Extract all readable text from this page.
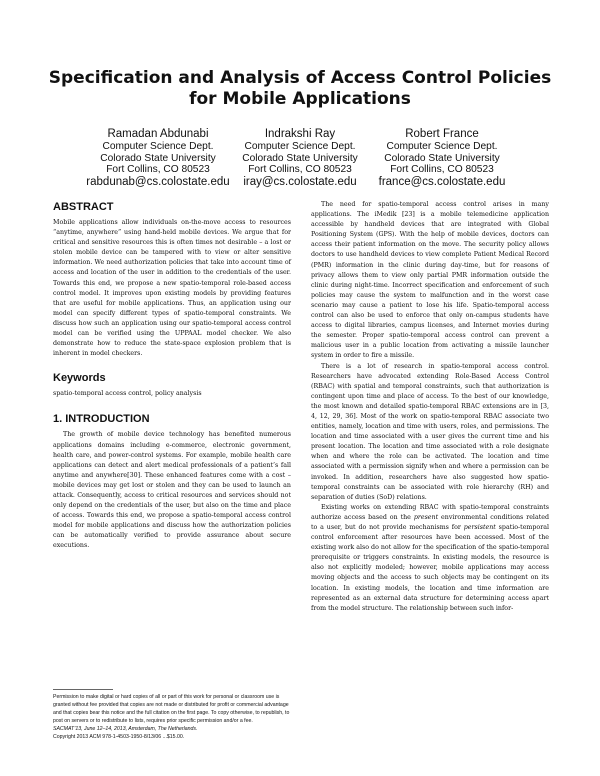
Specification and Analysis of Access Control Policies for Mobile Applications
Ramadan Abdunabi
Computer Science Dept.
Colorado State University
Fort Collins, CO 80523
rabdunab@cs.colostate.edu
Indrakshi Ray
Computer Science Dept.
Colorado State University
Fort Collins, CO 80523
iray@cs.colostate.edu
Robert France
Computer Science Dept.
Colorado State University
Fort Collins, CO 80523
france@cs.colostate.edu
ABSTRACT

Mobile applications allow individuals on-the-move access to resources “anytime, anywhere” using hand-held mobile devices. We argue that for critical and sensitive resources this is often times not desirable – a lost or stolen mobile device can be tampered with to view or alter sensitive information. We need authorization policies that take into account time of access and location of the user in addition to the credentials of the user. Towards this end, we propose a new spatio-temporal role-based access control model. It improves upon existing models by providing features that are useful for mobile applications. Thus, an application using our model can specify different types of spatio-temporal constraints. We discuss how such an application using our spatio-temporal access control model can be verified using the UPPAAL model checker. We also demonstrate how to reduce the state-space explosion problem that is inherent in model checkers.

Keywords

spatio-temporal access control, policy analysis

1. INTRODUCTION

The growth of mobile device technology has benefited numerous applications domains including e-commerce, electronic government, health care, and power-control systems. For example, mobile health care applications can detect and alert medical professionals of a patient’s fall anytime and anywhere[30]. These enhanced features come with a cost – mobile devices may get lost or stolen and they can be used to launch an attack. Consequently, access to critical resources and services should not only depend on the credentials of the user, but also on the time and place of access. Towards this end, we propose a spatio-temporal access control model for mobile applications and discuss how the authorization policies can be automatically verified to provide assurance about secure executions.

Permission to make digital or hard copies of all or part of this work for personal or classroom use is granted without fee provided that copies are not made or distributed for profit or commercial advantage and that copies bear this notice and the full citation on the first page. To copy otherwise, to republish, to post on servers or to redistribute to lists, requires prior specific permission and/or a fee.

SACMAT’13, June 12–14, 2013, Amsterdam, The Netherlands.

Copyright 2013 ACM 978-1-4503-1950-8/13/06 ...$15.00.

The need for spatio-temporal access control arises in many applications. The iMedik [23] is a mobile telemedicine application accessible by handheld devices that are integrated with Global Positioning System (GPS). With the help of mobile devices, doctors can access their patient information on the move. The security policy allows doctors to use handheld devices to view complete Patient Medical Record (PMR) information in the clinic during day-time, but for reasons of privacy allows them to view only partial PMR information outside the clinic during night-time. Incorrect specification and enforcement of such policies may cause the system to malfunction and in the worst case scenario may cause a patient to lose his life. Spatio-temporal access control can also be used to enforce that only on-campus students have access to digital libraries, campus licenses, and Internet movies during the semester. Proper spatio-temporal access control can prevent a malicious user in a public location from activating a missile launcher system in order to fire a missile.

There is a lot of research in spatio-temporal access control. Researchers have advocated extending Role-Based Access Control (RBAC) with spatial and temporal constraints, such that authorization is contingent upon time and place of access. To the best of our knowledge, the most known and detailed spatio-temporal RBAC extensions are in [3, 4, 12, 29, 36]. Most of the work on spatio-temporal RBAC associate two entities, namely, location and time with users, roles, and permissions. The location and time associated with a user gives the current time and his present location. The location and time associated with a role designate when and where the role can be activated. The location and time associated with a permission signify when and where a permission can be invoked. In addition, researchers have also suggested how spatio-temporal constraints can be associated with role hierarchy (RH) and separation of duties (SoD) relations.

Existing works on extending RBAC with spatio-temporal constraints authorize access based on the present environmental conditions related to a user, but do not provide mechanisms for persistent spatio-temporal control enforcement after resources have been accessed. Most of the existing work also do not allow for the specification of the spatio-temporal prerequisite or triggers constraints. In existing models, the resource is also not explicitly modeled; however, mobile applications may access moving objects and the access to such objects may be contingent on its location. In existing models, the location and time information are represented as an external data structure for determining access apart from the model structure. The relationship between such infor-
